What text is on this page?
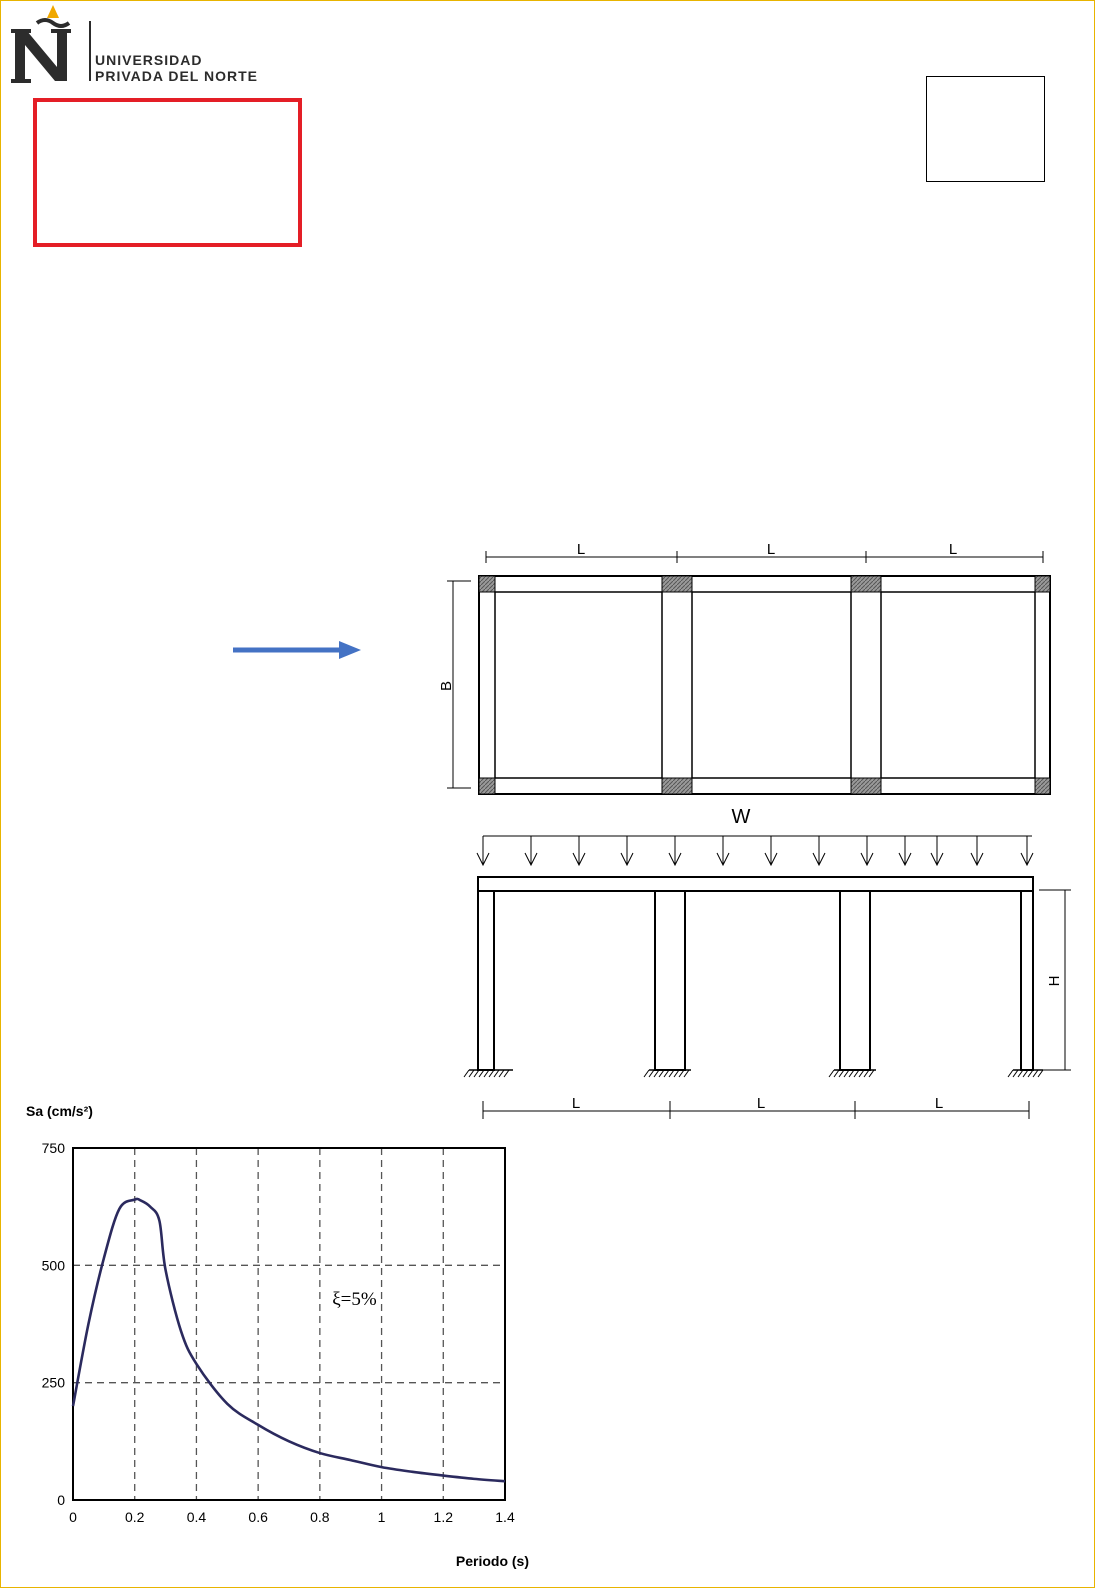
UNIVERSIDAD
PRIVADA DEL NORTE
L	L	L
B
W
H
L	L	L
Sa (cm/s²)
0
250
500
750
0	0.2	0.4	0.6	0.8	1	1.2	1.4
ξ=5%
Periodo (s)
